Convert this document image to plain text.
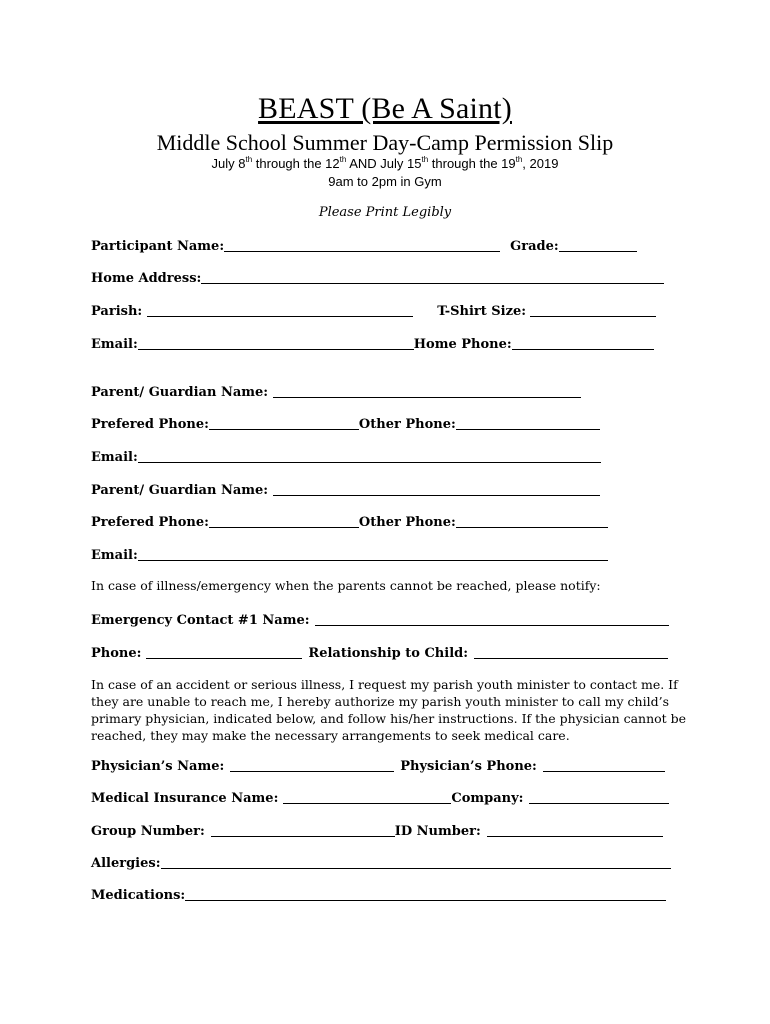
BEAST (Be A Saint)
Middle School Summer Day-Camp Permission Slip
July 8th through the 12th AND July 15th through the 19th, 2019
9am to 2pm in Gym
Please Print Legibly
Participant Name:	Grade:
Home Address:
Parish:	T-Shirt Size:
Email:	Home Phone:
Parent/ Guardian Name:
Prefered Phone:	Other Phone:
Email:
Parent/ Guardian Name:
Prefered Phone:	Other Phone:
Email:
In case of illness/emergency when the parents cannot be reached, please notify:
Emergency Contact #1 Name:
Phone:	Relationship to Child:
In case of an accident or serious illness, I request my parish youth minister to contact me. If they are unable to reach me, I hereby authorize my parish youth minister to call my child’s primary physician, indicated below, and follow his/her instructions. If the physician cannot be reached, they may make the necessary arrangements to seek medical care.
Physician’s Name:	Physician’s Phone:
Medical Insurance Name:	Company:
Group Number:	ID Number:
Allergies:
Medications:
